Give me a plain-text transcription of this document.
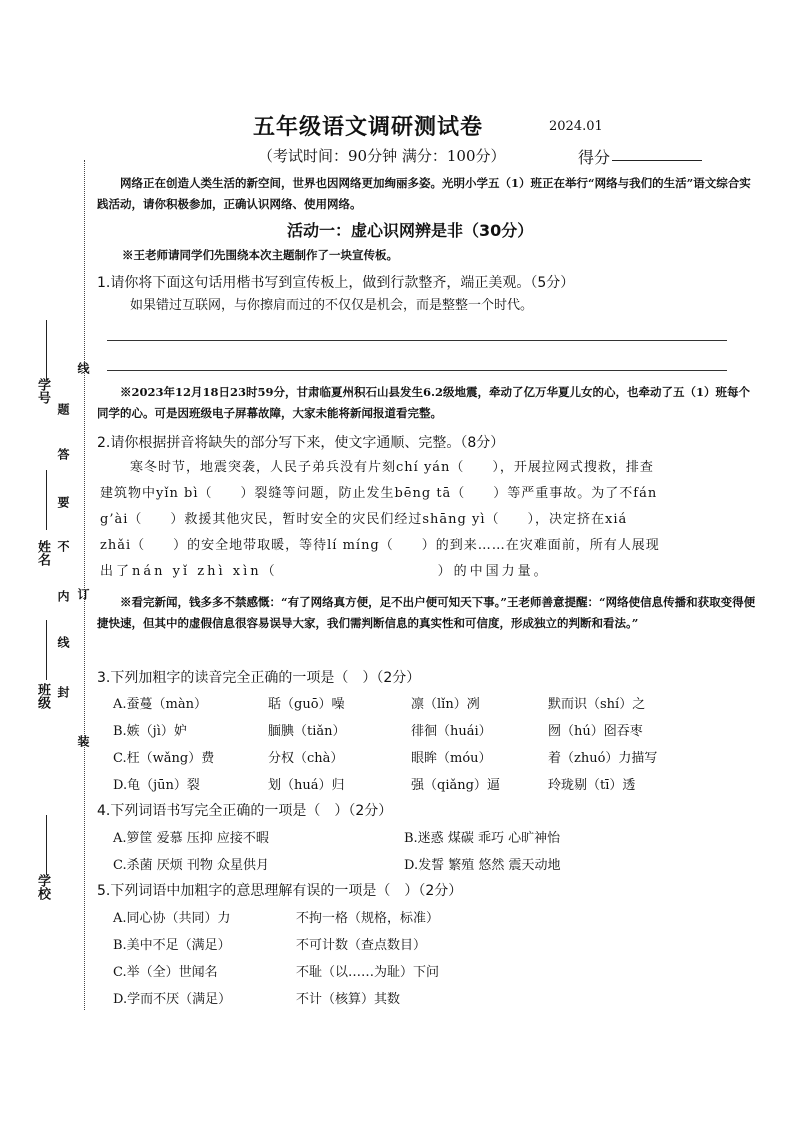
学号
姓名
班级
学校
线
题
答
要
不
内 订
线
封
装
五年级语文调研测试卷	2024.01
（考试时间：90分钟 满分：100分）	得分
网络正在创造人类生活的新空间，世界也因网络更加绚丽多姿。光明小学五（1）班正在举行“网络与我们的生活”语文综合实践活动，请你积极参加，正确认识网络、使用网络。
活动一：虚心识网辨是非（30分）
※王老师请同学们先围绕本次主题制作了一块宣传板。
1.请你将下面这句话用楷书写到宣传板上，做到行款整齐，端正美观。（5分）
如果错过互联网，与你擦肩而过的不仅仅是机会，而是整整一个时代。
※2023年12月18日23时59分，甘肃临夏州积石山县发生6.2级地震，牵动了亿万华夏儿女的心，也牵动了五（1）班每个同学的心。可是因班级电子屏幕故障，大家未能将新闻报道看完整。
2.请你根据拼音将缺失的部分写下来，使文字通顺、完整。（8分）
寒冬时节，地震突袭，人民子弟兵没有片刻chí yán（　　），开展拉网式搜救，排查
建筑物中yǐn bì（　　）裂缝等问题，防止发生bēng tā（　　）等严重事故。为了不fán
g’ài（　　）救援其他灾民，暂时安全的灾民们经过shāng yì（　　），决定挤在xiá
zhǎi（　　）的安全地带取暖，等待lí míng（　　）的到来……在灾难面前，所有人展现
出了nán yǐ zhì xìn（　　　　　　　　　　）的中国力量。
※看完新闻，钱多多不禁感慨：“有了网络真方便，足不出户便可知天下事。”王老师善意提醒：“网络使信息传播和获取变得便捷快速，但其中的虚假信息很容易误导大家，我们需判断信息的真实性和可信度，形成独立的判断和看法。”
3.下列加粗字的读音完全正确的一项是（　）（2分）
A.蚕蔓（màn）	聒（guō）噪	凛（lǐn）冽	默而识（shí）之
B.嫉（jì）妒	腼腆（tiǎn）	徘徊（huái）	囫（hú）囵吞枣
C.枉（wǎng）费	分权（chà）	眼眸（móu）	着（zhuó）力描写
D.龟（jūn）裂	划（huá）归	强（qiǎng）逼	玲珑剔（tī）透
4.下列词语书写完全正确的一项是（　）（2分）
A.箩筐 爱慕 压抑 应接不暇	B.迷惑 煤碳 乖巧 心旷神怡
C.杀菌 厌烦 刊物 众星供月	D.发誓 繁殖 悠然 震天动地
5.下列词语中加粗字的意思理解有误的一项是（　）（2分）
A.同心协（共同）力	不拘一格（规格，标准）
B.美中不足（满足）	不可计数（查点数目）
C.举（全）世闻名	不耻（以……为耻）下问
D.学而不厌（满足）	不计（核算）其数
